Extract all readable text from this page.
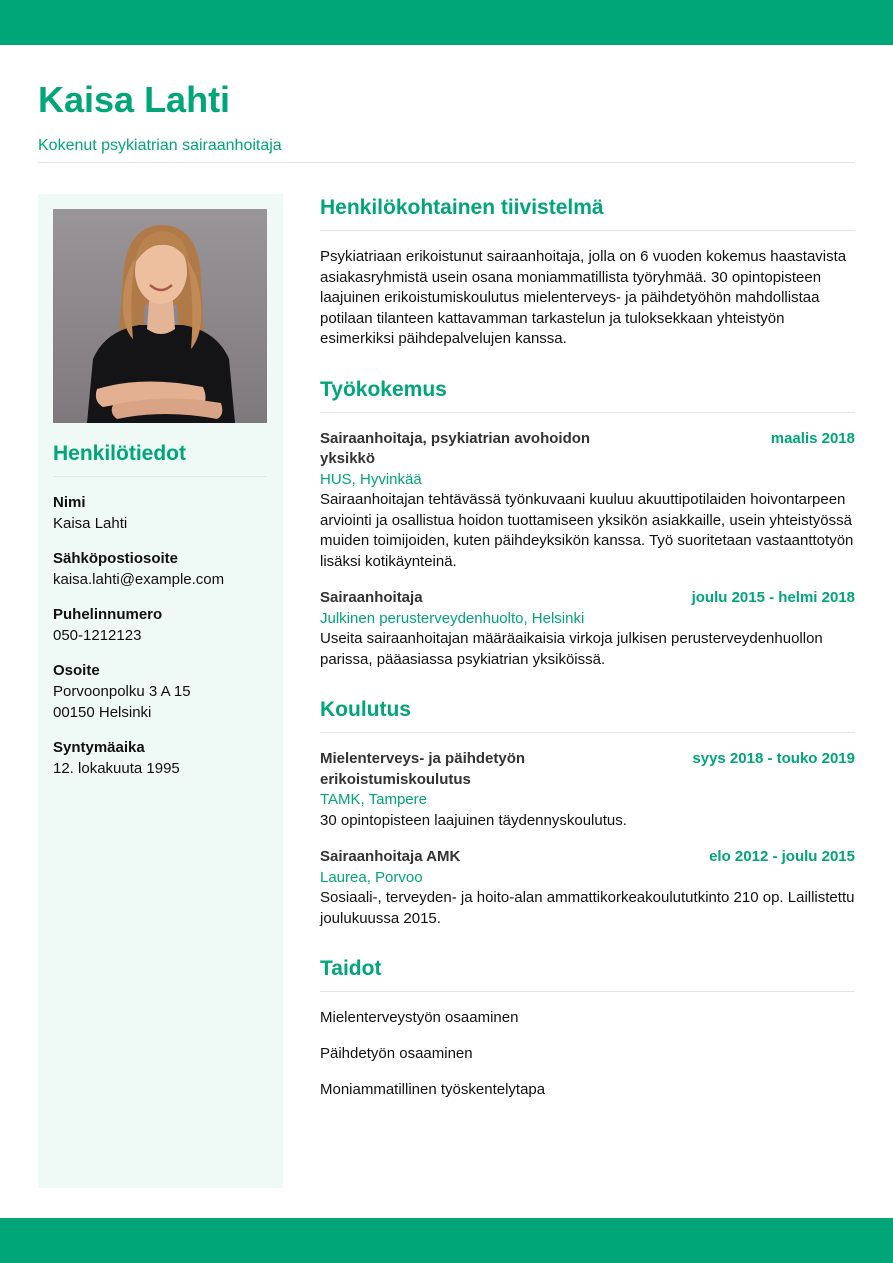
Kaisa Lahti
Kokenut psykiatrian sairaanhoitaja
Henkilötiedot
Nimi
Kaisa Lahti
Sähköpostiosoite
kaisa.lahti@example.com
Puhelinnumero
050-1212123
Osoite
Porvoonpolku 3 A 15
00150 Helsinki
Syntymäaika
12. lokakuuta 1995
Henkilökohtainen tiivistelmä
Psykiatriaan erikoistunut sairaanhoitaja, jolla on 6 vuoden kokemus haastavista asiakasryhmistä usein osana moniammatillista työryhmää. 30 opintopisteen laajuinen erikoistumiskoulutus mielenterveys- ja päihdetyöhön mahdollistaa potilaan tilanteen kattavamman tarkastelun ja tuloksekkaan yhteistyön esimerkiksi päihdepalvelujen kanssa.
Työkokemus
Sairaanhoitaja, psykiatrian avohoidon yksikkö
maalis 2018
HUS, Hyvinkää
Sairaanhoitajan tehtävässä työnkuvaani kuuluu akuuttipotilaiden hoivontarpeen arviointi ja osallistua hoidon tuottamiseen yksikön asiakkaille, usein yhteistyössä muiden toimijoiden, kuten päihdeyksikön kanssa. Työ suoritetaan vastaanttotyön lisäksi kotikäynteinä.
Sairaanhoitaja	joulu 2015 - helmi 2018
Julkinen perusterveydenhuolto, Helsinki
Useita sairaanhoitajan määräaikaisia virkoja julkisen perusterveydenhuollon parissa, pääasiassa psykiatrian yksiköissä.
Koulutus
Mielenterveys- ja päihdetyön erikoistumiskoulutus
syys 2018 - touko 2019
TAMK, Tampere
30 opintopisteen laajuinen täydennyskoulutus.
Sairaanhoitaja AMK	elo 2012 - joulu 2015
Laurea, Porvoo
Sosiaali-, terveyden- ja hoito-alan ammattikorkeakoulututkinto 210 op. Laillistettu joulukuussa 2015.
Taidot
Mielenterveystyön osaaminen
Päihdetyön osaaminen
Moniammatillinen työskentelytapa
